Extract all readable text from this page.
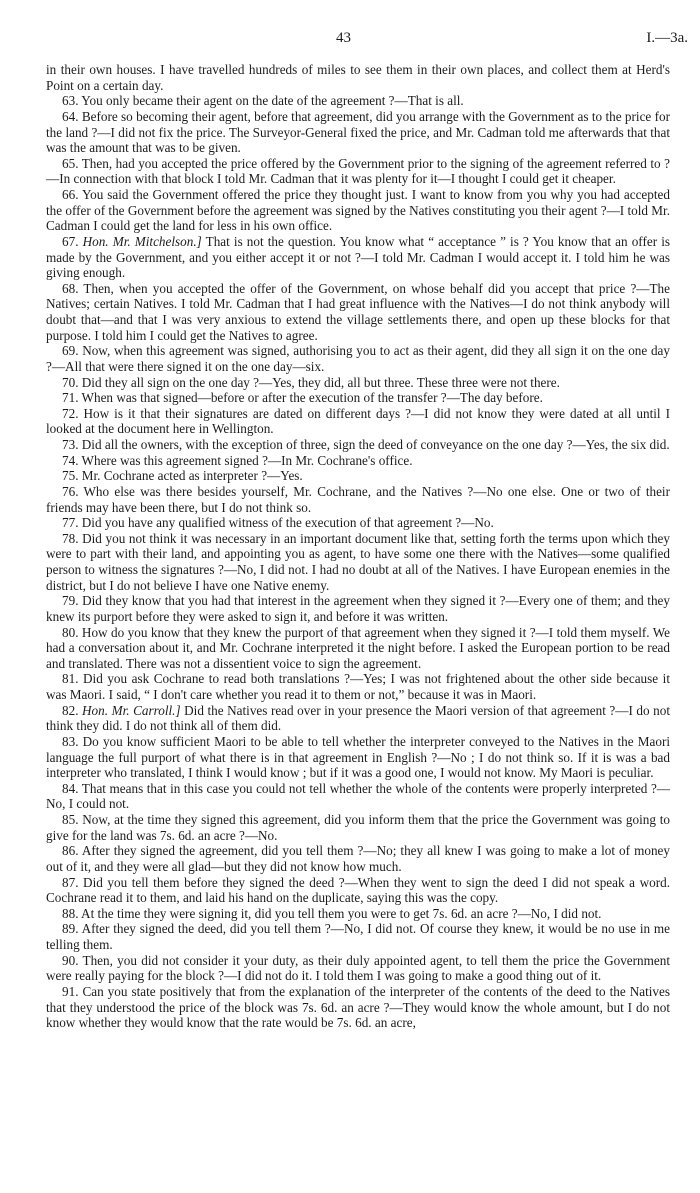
43	I.—3a.

in their own houses. I have travelled hundreds of miles to see them in their own places, and collect them at Herd's Point on a certain day.

63. You only became their agent on the date of the agreement ?—That is all.

64. Before so becoming their agent, before that agreement, did you arrange with the Government as to the price for the land ?—I did not fix the price. The Surveyor-General fixed the price, and Mr. Cadman told me afterwards that that was the amount that was to be given.

65. Then, had you accepted the price offered by the Government prior to the signing of the agreement referred to ?—In connection with that block I told Mr. Cadman that it was plenty for it—I thought I could get it cheaper.

66. You said the Government offered the price they thought just. I want to know from you why you had accepted the offer of the Government before the agreement was signed by the Natives constituting you their agent ?—I told Mr. Cadman I could get the land for less in his own office.

67. Hon. Mr. Mitchelson.] That is not the question. You know what “ acceptance ” is ? You know that an offer is made by the Government, and you either accept it or not ?—I told Mr. Cadman I would accept it. I told him he was giving enough.

68. Then, when you accepted the offer of the Government, on whose behalf did you accept that price ?—The Natives; certain Natives. I told Mr. Cadman that I had great influence with the Natives—I do not think anybody will doubt that—and that I was very anxious to extend the village settlements there, and open up these blocks for that purpose. I told him I could get the Natives to agree.

69. Now, when this agreement was signed, authorising you to act as their agent, did they all sign it on the one day ?—All that were there signed it on the one day—six.

70. Did they all sign on the one day ?—Yes, they did, all but three. These three were not there.

71. When was that signed—before or after the execution of the transfer ?—The day before.

72. How is it that their signatures are dated on different days ?—I did not know they were dated at all until I looked at the document here in Wellington.

73. Did all the owners, with the exception of three, sign the deed of conveyance on the one day ?—Yes, the six did.

74. Where was this agreement signed ?—In Mr. Cochrane's office.

75. Mr. Cochrane acted as interpreter ?—Yes.

76. Who else was there besides yourself, Mr. Cochrane, and the Natives ?—No one else. One or two of their friends may have been there, but I do not think so.

77. Did you have any qualified witness of the execution of that agreement ?—No.

78. Did you not think it was necessary in an important document like that, setting forth the terms upon which they were to part with their land, and appointing you as agent, to have some one there with the Natives—some qualified person to witness the signatures ?—No, I did not. I had no doubt at all of the Natives. I have European enemies in the district, but I do not believe I have one Native enemy.

79. Did they know that you had that interest in the agreement when they signed it ?—Every one of them; and they knew its purport before they were asked to sign it, and before it was written.

80. How do you know that they knew the purport of that agreement when they signed it ?—I told them myself. We had a conversation about it, and Mr. Cochrane interpreted it the night before. I asked the European portion to be read and translated. There was not a dissentient voice to sign the agreement.

81. Did you ask Cochrane to read both translations ?—Yes; I was not frightened about the other side because it was Maori. I said, “ I don't care whether you read it to them or not,” because it was in Maori.

82. Hon. Mr. Carroll.] Did the Natives read over in your presence the Maori version of that agreement ?—I do not think they did. I do not think all of them did.

83. Do you know sufficient Maori to be able to tell whether the interpreter conveyed to the Natives in the Maori language the full purport of what there is in that agreement in English ?—No ; I do not think so. If it is was a bad interpreter who translated, I think I would know ; but if it was a good one, I would not know. My Maori is peculiar.

84. That means that in this case you could not tell whether the whole of the contents were properly interpreted ?—No, I could not.

85. Now, at the time they signed this agreement, did you inform them that the price the Government was going to give for the land was 7s. 6d. an acre ?—No.

86. After they signed the agreement, did you tell them ?—No; they all knew I was going to make a lot of money out of it, and they were all glad—but they did not know how much.

87. Did you tell them before they signed the deed ?—When they went to sign the deed I did not speak a word. Cochrane read it to them, and laid his hand on the duplicate, saying this was the copy.

88. At the time they were signing it, did you tell them you were to get 7s. 6d. an acre ?—No, I did not.

89. After they signed the deed, did you tell them ?—No, I did not. Of course they knew, it would be no use in me telling them.

90. Then, you did not consider it your duty, as their duly appointed agent, to tell them the price the Government were really paying for the block ?—I did not do it. I told them I was going to make a good thing out of it.

91. Can you state positively that from the explanation of the interpreter of the contents of the deed to the Natives that they understood the price of the block was 7s. 6d. an acre ?—They would know the whole amount, but I do not know whether they would know that the rate would be 7s. 6d. an acre,
